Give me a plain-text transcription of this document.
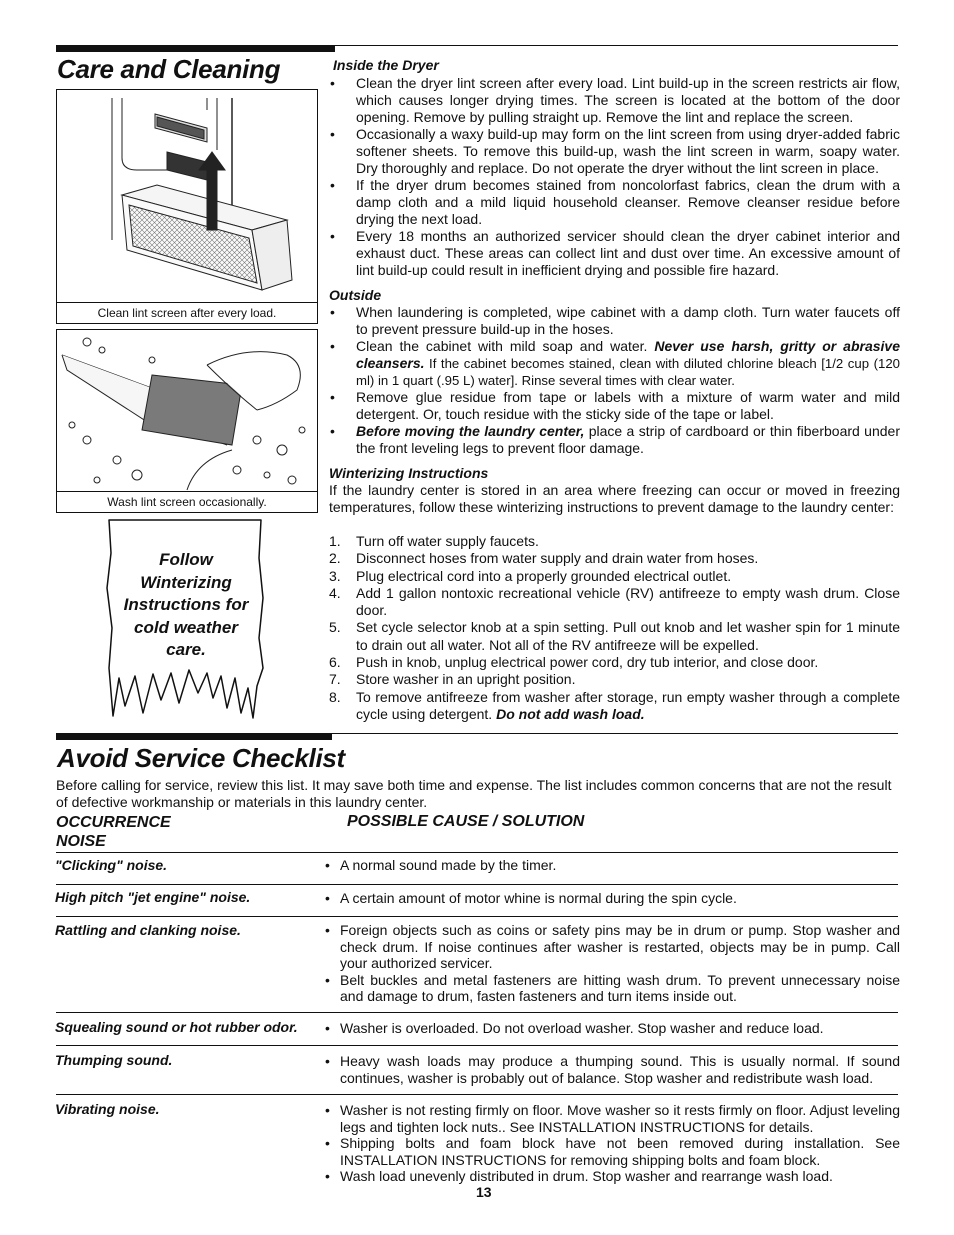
Care and Cleaning
Clean lint screen after every load.
Wash lint screen occasionally.
Follow Winterizing Instructions for cold weather care.
Inside the Dryer
• Clean the dryer lint screen after every load. Lint build-up in the screen restricts air flow, which causes longer drying times. The screen is located at the bottom of the door opening. Remove by pulling straight up. Remove the lint and replace the screen.
• Occasionally a waxy build-up may form on the lint screen from using dryer-added fabric softener sheets. To remove this build-up, wash the lint screen in warm, soapy water. Dry thoroughly and replace. Do not operate the dryer without the lint screen in place.
• If the dryer drum becomes stained from noncolorfast fabrics, clean the drum with a damp cloth and a mild liquid household cleanser. Remove cleanser residue before drying the next load.
• Every 18 months an authorized servicer should clean the dryer cabinet interior and exhaust duct. These areas can collect lint and dust over time. An excessive amount of lint build-up could result in inefficient drying and possible fire hazard.
Outside
• When laundering is completed, wipe cabinet with a damp cloth. Turn water faucets off to prevent pressure build-up in the hoses.
• Clean the cabinet with mild soap and water. Never use harsh, gritty or abrasive cleansers. If the cabinet becomes stained, clean with diluted chlorine bleach [1/2 cup (120 ml) in 1 quart (.95 L) water]. Rinse several times with clear water.
• Remove glue residue from tape or labels with a mixture of warm water and mild detergent. Or, touch residue with the sticky side of the tape or label.
• Before moving the laundry center, place a strip of cardboard or thin fiberboard under the front leveling legs to prevent floor damage.
Winterizing Instructions
If the laundry center is stored in an area where freezing can occur or moved in freezing temperatures, follow these winterizing instructions to prevent damage to the laundry center:
1. Turn off water supply faucets.
2. Disconnect hoses from water supply and drain water from hoses.
3. Plug electrical cord into a properly grounded electrical outlet.
4. Add 1 gallon nontoxic recreational vehicle (RV) antifreeze to empty wash drum. Close door.
5. Set cycle selector knob at a spin setting. Pull out knob and let washer spin for 1 minute to drain out all water. Not all of the RV antifreeze will be expelled.
6. Push in knob, unplug electrical power cord, dry tub interior, and close door.
7. Store washer in an upright position.
8. To remove antifreeze from washer after storage, run empty washer through a complete cycle using detergent. Do not add wash load.
Avoid Service Checklist
Before calling for service, review this list. It may save both time and expense. The list includes common concerns that are not the result of defective workmanship or materials in this laundry center.
OCCURRENCE
NOISE
POSSIBLE CAUSE / SOLUTION
"Clicking" noise.	• A normal sound made by the timer.
High pitch "jet engine" noise.	• A certain amount of motor whine is normal during the spin cycle.
Rattling and clanking noise.	• Foreign objects such as coins or safety pins may be in drum or pump. Stop washer and check drum. If noise continues after washer is restarted, objects may be in pump. Call your authorized servicer.
• Belt buckles and metal fasteners are hitting wash drum. To prevent unnecessary noise and damage to drum, fasten fasteners and turn items inside out.
Squealing sound or hot rubber odor.	• Washer is overloaded. Do not overload washer. Stop washer and reduce load.
Thumping sound.	• Heavy wash loads may produce a thumping sound. This is usually normal. If sound continues, washer is probably out of balance. Stop washer and redistribute wash load.
Vibrating noise.	• Washer is not resting firmly on floor. Move washer so it rests firmly on floor. Adjust leveling legs and tighten lock nuts.. See INSTALLATION INSTRUCTIONS for details.
• Shipping bolts and foam block have not been removed during installation. See INSTALLATION INSTRUCTIONS for removing shipping bolts and foam block.
• Wash load unevenly distributed in drum. Stop washer and rearrange wash load.
13
